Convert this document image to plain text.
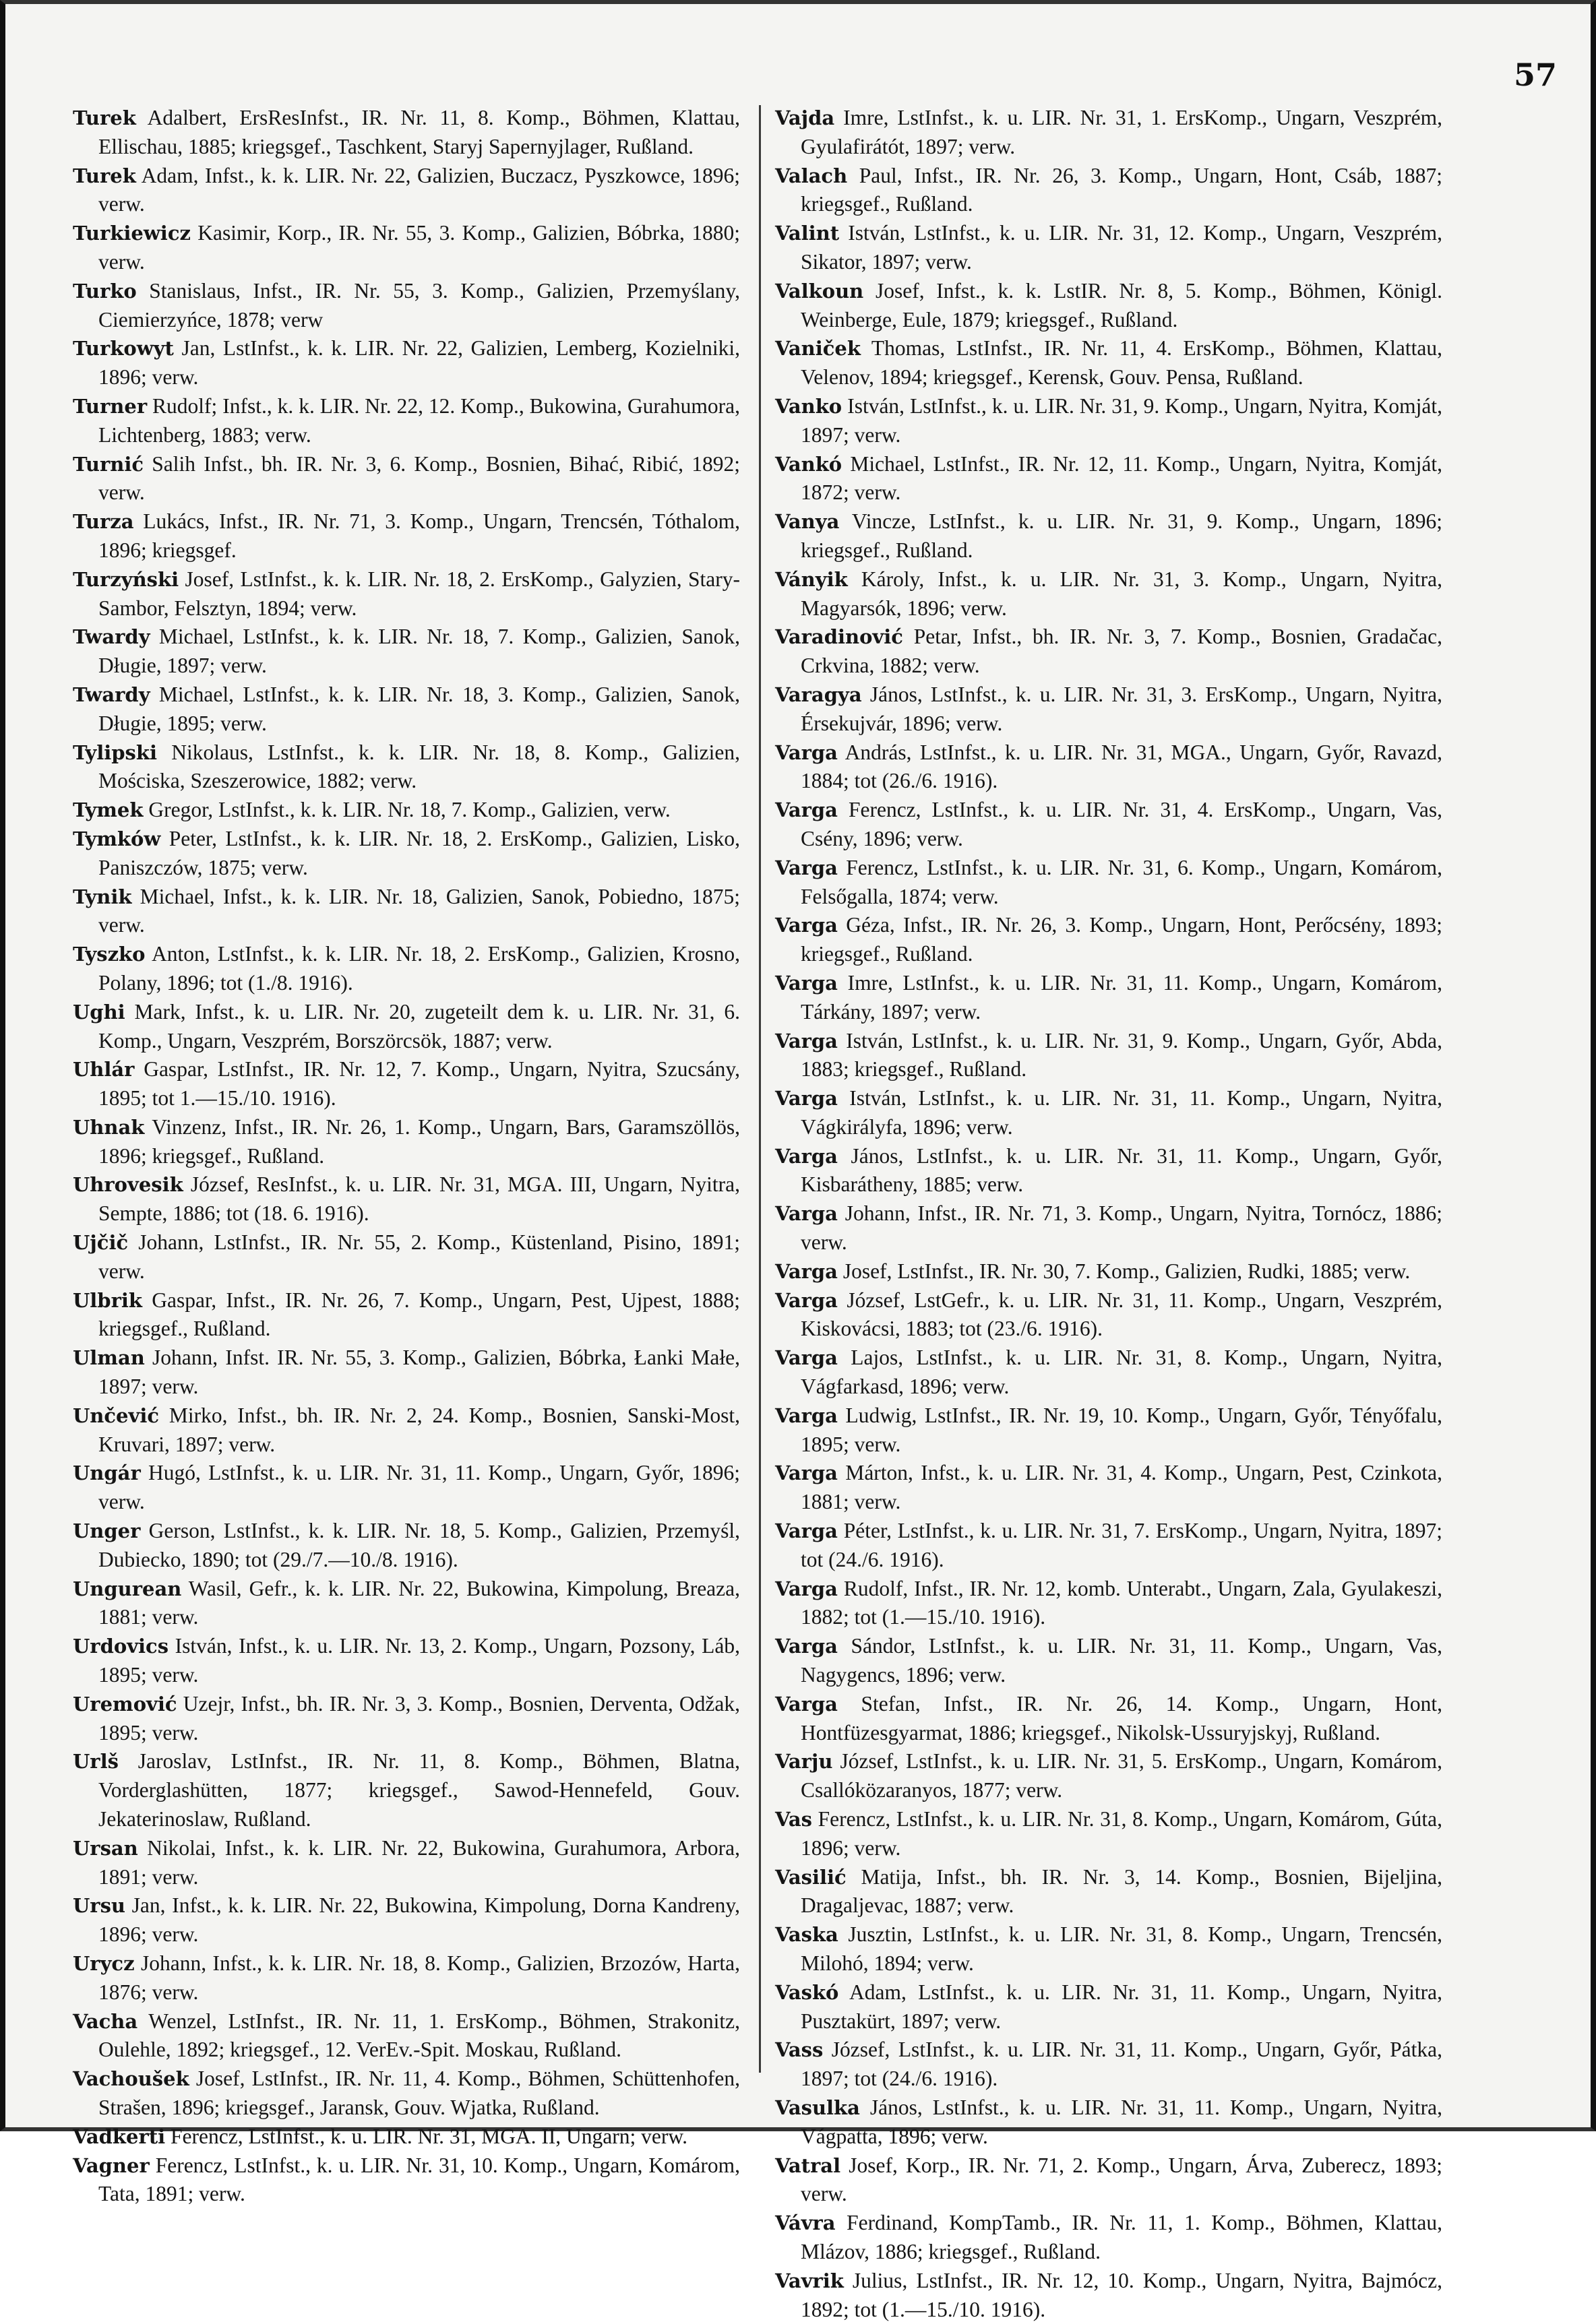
57

Turek Adalbert, ErsResInfst., IR. Nr. 11, 8. Komp., Böhmen, Klattau, Ellischau, 1885; kriegsgef., Taschkent, Staryj Sapernyjlager, Rußland.

Turek Adam, Infst., k. k. LIR. Nr. 22, Galizien, Buczacz, Pyszkowce, 1896; verw.

Turkiewicz Kasimir, Korp., IR. Nr. 55, 3. Komp., Galizien, Bóbrka, 1880; verw.

Turko Stanislaus, Infst., IR. Nr. 55, 3. Komp., Galizien, Przemyślany, Ciemierzyńce, 1878; verw

Turkowyt Jan, LstInfst., k. k. LIR. Nr. 22, Galizien, Lemberg, Kozielniki, 1896; verw.

Turner Rudolf; Infst., k. k. LIR. Nr. 22, 12. Komp., Bukowina, Gurahumora, Lichtenberg, 1883; verw.

Turnić Salih Infst., bh. IR. Nr. 3, 6. Komp., Bosnien, Bihać, Ribić, 1892; verw.

Turza Lukács, Infst., IR. Nr. 71, 3. Komp., Ungarn, Trencsén, Tóthalom, 1896; kriegsgef.

Turzyński Josef, LstInfst., k. k. LIR. Nr. 18, 2. ErsKomp., Galyzien, Stary-Sambor, Felsztyn, 1894; verw.

Twardy Michael, LstInfst., k. k. LIR. Nr. 18, 7. Komp., Galizien, Sanok, Długie, 1897; verw.

Twardy Michael, LstInfst., k. k. LIR. Nr. 18, 3. Komp., Galizien, Sanok, Długie, 1895; verw.

Tylipski Nikolaus, LstInfst., k. k. LIR. Nr. 18, 8. Komp., Galizien, Mościska, Szeszerowice, 1882; verw.

Tymek Gregor, LstInfst., k. k. LIR. Nr. 18, 7. Komp., Galizien, verw.

Tymków Peter, LstInfst., k. k. LIR. Nr. 18, 2. ErsKomp., Galizien, Lisko, Paniszczów, 1875; verw.

Tynik Michael, Infst., k. k. LIR. Nr. 18, Galizien, Sanok, Pobiedno, 1875; verw.

Tyszko Anton, LstInfst., k. k. LIR. Nr. 18, 2. ErsKomp., Galizien, Krosno, Polany, 1896; tot (1./8. 1916).

Ughi Mark, Infst., k. u. LIR. Nr. 20, zugeteilt dem k. u. LIR. Nr. 31, 6. Komp., Ungarn, Veszprém, Borszörcsök, 1887; verw.

Uhlár Gaspar, LstInfst., IR. Nr. 12, 7. Komp., Ungarn, Nyitra, Szucsány, 1895; tot 1.—15./10. 1916).

Uhnak Vinzenz, Infst., IR. Nr. 26, 1. Komp., Ungarn, Bars, Garamszöllös, 1896; kriegsgef., Rußland.

Uhrovesik József, ResInfst., k. u. LIR. Nr. 31, MGA. III, Ungarn, Nyitra, Sempte, 1886; tot (18. 6. 1916).

Ujčič Johann, LstInfst., IR. Nr. 55, 2. Komp., Küstenland, Pisino, 1891; verw.

Ulbrik Gaspar, Infst., IR. Nr. 26, 7. Komp., Ungarn, Pest, Ujpest, 1888; kriegsgef., Rußland.

Ulman Johann, Infst. IR. Nr. 55, 3. Komp., Galizien, Bóbrka, Łanki Małe, 1897; verw.

Unčević Mirko, Infst., bh. IR. Nr. 2, 24. Komp., Bosnien, Sanski-Most, Kruvari, 1897; verw.

Ungár Hugó, LstInfst., k. u. LIR. Nr. 31, 11. Komp., Ungarn, Győr, 1896; verw.

Unger Gerson, LstInfst., k. k. LIR. Nr. 18, 5. Komp., Galizien, Przemyśl, Dubiecko, 1890; tot (29./7.—10./8. 1916).

Ungurean Wasil, Gefr., k. k. LIR. Nr. 22, Bukowina, Kimpolung, Breaza, 1881; verw.

Urdovics István, Infst., k. u. LIR. Nr. 13, 2. Komp., Ungarn, Pozsony, Láb, 1895; verw.

Uremović Uzejr, Infst., bh. IR. Nr. 3, 3. Komp., Bosnien, Derventa, Odžak, 1895; verw.

Urlš Jaroslav, LstInfst., IR. Nr. 11, 8. Komp., Böhmen, Blatna, Vorderglashütten, 1877; kriegsgef., Sawod-Hennefeld, Gouv. Jekaterinoslaw, Rußland.

Ursan Nikolai, Infst., k. k. LIR. Nr. 22, Bukowina, Gurahumora, Arbora, 1891; verw.

Ursu Jan, Infst., k. k. LIR. Nr. 22, Bukowina, Kimpolung, Dorna Kandreny, 1896; verw.

Urycz Johann, Infst., k. k. LIR. Nr. 18, 8. Komp., Galizien, Brzozów, Harta, 1876; verw.

Vacha Wenzel, LstInfst., IR. Nr. 11, 1. ErsKomp., Böhmen, Strakonitz, Oulehle, 1892; kriegsgef., 12. VerEv.-Spit. Moskau, Rußland.

Vachoušek Josef, LstInfst., IR. Nr. 11, 4. Komp., Böhmen, Schüttenhofen, Strašen, 1896; kriegsgef., Jaransk, Gouv. Wjatka, Rußland.

Vadkerti Ferencz, LstInfst., k. u. LIR. Nr. 31, MGA. II, Ungarn; verw.

Vagner Ferencz, LstInfst., k. u. LIR. Nr. 31, 10. Komp., Ungarn, Komárom, Tata, 1891; verw.

Vajda Imre, LstInfst., k. u. LIR. Nr. 31, 1. ErsKomp., Ungarn, Veszprém, Gyulafirátót, 1897; verw.

Valach Paul, Infst., IR. Nr. 26, 3. Komp., Ungarn, Hont, Csáb, 1887; kriegsgef., Rußland.

Valint István, LstInfst., k. u. LIR. Nr. 31, 12. Komp., Ungarn, Veszprém, Sikator, 1897; verw.

Valkoun Josef, Infst., k. k. LstIR. Nr. 8, 5. Komp., Böhmen, Königl. Weinberge, Eule, 1879; kriegsgef., Rußland.

Vaniček Thomas, LstInfst., IR. Nr. 11, 4. ErsKomp., Böhmen, Klattau, Velenov, 1894; kriegsgef., Kerensk, Gouv. Pensa, Rußland.

Vanko István, LstInfst., k. u. LIR. Nr. 31, 9. Komp., Ungarn, Nyitra, Komját, 1897; verw.

Vankó Michael, LstInfst., IR. Nr. 12, 11. Komp., Ungarn, Nyitra, Komját, 1872; verw.

Vanya Vincze, LstInfst., k. u. LIR. Nr. 31, 9. Komp., Ungarn, 1896; kriegsgef., Rußland.

Ványik Károly, Infst., k. u. LIR. Nr. 31, 3. Komp., Ungarn, Nyitra, Magyarsók, 1896; verw.

Varadinović Petar, Infst., bh. IR. Nr. 3, 7. Komp., Bosnien, Gradačac, Crkvina, 1882; verw.

Varagya János, LstInfst., k. u. LIR. Nr. 31, 3. ErsKomp., Ungarn, Nyitra, Érsekujvár, 1896; verw.

Varga András, LstInfst., k. u. LIR. Nr. 31, MGA., Ungarn, Győr, Ravazd, 1884; tot (26./6. 1916).

Varga Ferencz, LstInfst., k. u. LIR. Nr. 31, 4. ErsKomp., Ungarn, Vas, Csény, 1896; verw.

Varga Ferencz, LstInfst., k. u. LIR. Nr. 31, 6. Komp., Ungarn, Komárom, Felsőgalla, 1874; verw.

Varga Géza, Infst., IR. Nr. 26, 3. Komp., Ungarn, Hont, Perőcsény, 1893; kriegsgef., Rußland.

Varga Imre, LstInfst., k. u. LIR. Nr. 31, 11. Komp., Ungarn, Komárom, Tárkány, 1897; verw.

Varga István, LstInfst., k. u. LIR. Nr. 31, 9. Komp., Ungarn, Győr, Abda, 1883; kriegsgef., Rußland.

Varga István, LstInfst., k. u. LIR. Nr. 31, 11. Komp., Ungarn, Nyitra, Vágkirályfa, 1896; verw.

Varga János, LstInfst., k. u. LIR. Nr. 31, 11. Komp., Ungarn, Győr, Kisbarátheny, 1885; verw.

Varga Johann, Infst., IR. Nr. 71, 3. Komp., Ungarn, Nyitra, Tornócz, 1886; verw.

Varga Josef, LstInfst., IR. Nr. 30, 7. Komp., Galizien, Rudki, 1885; verw.

Varga József, LstGefr., k. u. LIR. Nr. 31, 11. Komp., Ungarn, Veszprém, Kiskovácsi, 1883; tot (23./6. 1916).

Varga Lajos, LstInfst., k. u. LIR. Nr. 31, 8. Komp., Ungarn, Nyitra, Vágfarkasd, 1896; verw.

Varga Ludwig, LstInfst., IR. Nr. 19, 10. Komp., Ungarn, Győr, Tényőfalu, 1895; verw.

Varga Márton, Infst., k. u. LIR. Nr. 31, 4. Komp., Ungarn, Pest, Czinkota, 1881; verw.

Varga Péter, LstInfst., k. u. LIR. Nr. 31, 7. ErsKomp., Ungarn, Nyitra, 1897; tot (24./6. 1916).

Varga Rudolf, Infst., IR. Nr. 12, komb. Unterabt., Ungarn, Zala, Gyulakeszi, 1882; tot (1.—15./10. 1916).

Varga Sándor, LstInfst., k. u. LIR. Nr. 31, 11. Komp., Ungarn, Vas, Nagygencs, 1896; verw.

Varga Stefan, Infst., IR. Nr. 26, 14. Komp., Ungarn, Hont, Hontfüzesgyarmat, 1886; kriegsgef., Nikolsk-Ussuryjskyj, Rußland.

Varju József, LstInfst., k. u. LIR. Nr. 31, 5. ErsKomp., Ungarn, Komárom, Csallóközaranyos, 1877; verw.

Vas Ferencz, LstInfst., k. u. LIR. Nr. 31, 8. Komp., Ungarn, Komárom, Gúta, 1896; verw.

Vasilić Matija, Infst., bh. IR. Nr. 3, 14. Komp., Bosnien, Bijeljina, Dragaljevac, 1887; verw.

Vaska Jusztin, LstInfst., k. u. LIR. Nr. 31, 8. Komp., Ungarn, Trencsén, Milohó, 1894; verw.

Vaskó Adam, LstInfst., k. u. LIR. Nr. 31, 11. Komp., Ungarn, Nyitra, Pusztakürt, 1897; verw.

Vass József, LstInfst., k. u. LIR. Nr. 31, 11. Komp., Ungarn, Győr, Pátka, 1897; tot (24./6. 1916).

Vasulka János, LstInfst., k. u. LIR. Nr. 31, 11. Komp., Ungarn, Nyitra, Vágpatta, 1896; verw.

Vatral Josef, Korp., IR. Nr. 71, 2. Komp., Ungarn, Árva, Zuberecz, 1893; verw.

Vávra Ferdinand, KompTamb., IR. Nr. 11, 1. Komp., Böhmen, Klattau, Mlázov, 1886; kriegsgef., Rußland.

Vavrik Julius, LstInfst., IR. Nr. 12, 10. Komp., Ungarn, Nyitra, Bajmócz, 1892; tot (1.—15./10. 1916).
